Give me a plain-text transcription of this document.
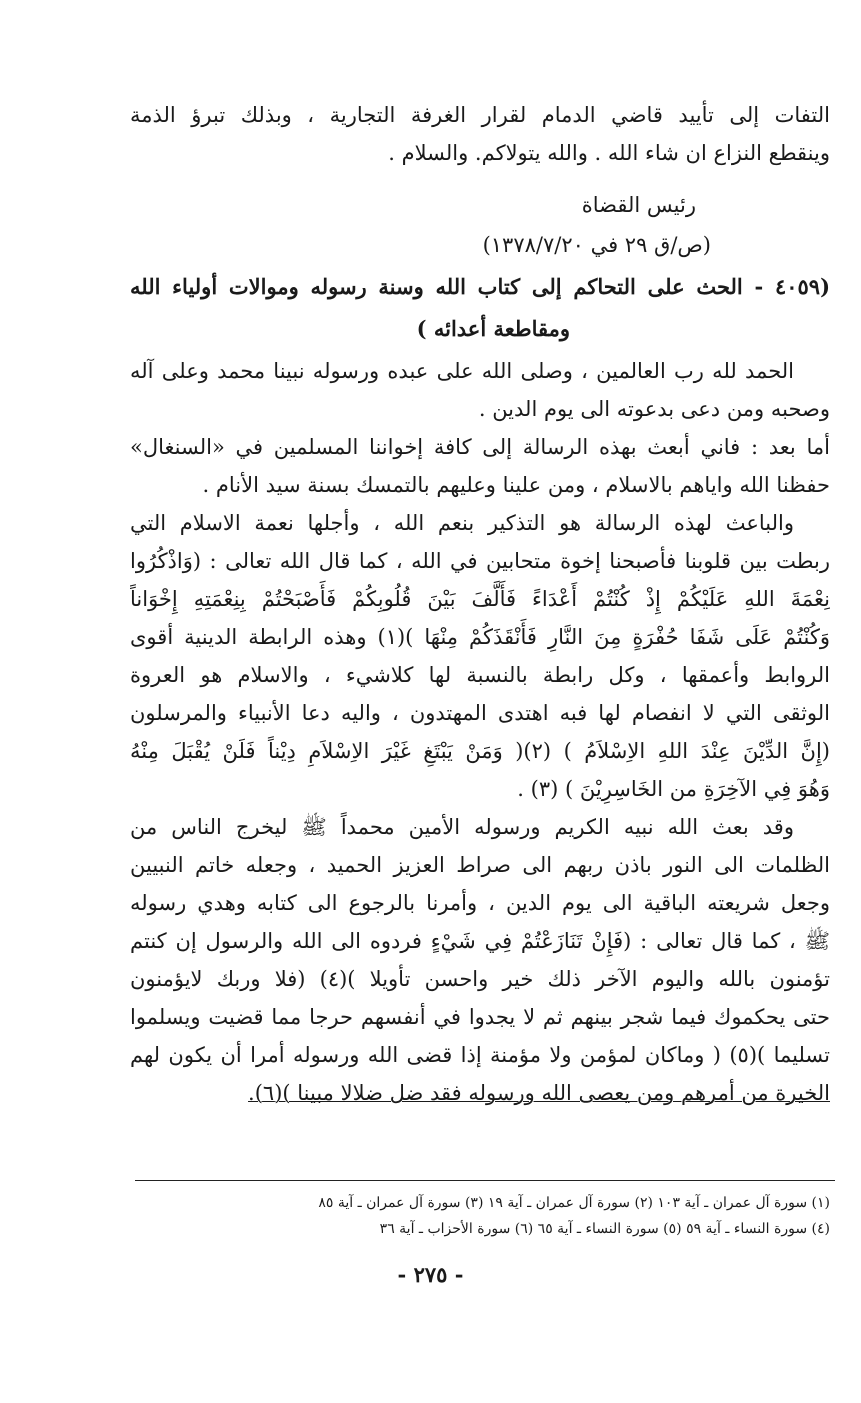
التفات إلى تأييد قاضي الدمام لقرار الغرفة التجارية ، وبذلك تبرؤ الذمة
وينقطع النزاع ان شاء الله . والله يتولاكم. والسلام .
رئيس القضاة
(ص/ق ٢٩ في ١٣٧٨/٧/٢٠)
(٤٠٥٩ - الحث على التحاكم إلى كتاب الله وسنة رسوله وموالات أولياء الله
ومقاطعة أعدائه )
الحمد لله رب العالمين ، وصلى الله على عبده ورسوله نبينا محمد وعلى آله
وصحبه ومن دعى بدعوته الى يوم الدين .
أما بعد : فاني أبعث بهذه الرسالة إلى كافة إخواننا المسلمين في «السنغال»
حفظنا الله واياهم بالاسلام ، ومن علينا وعليهم بالتمسك بسنة سيد الأنام .
والباعث لهذه الرسالة هو التذكير بنعم الله ، وأجلها نعمة الاسلام التي
ربطت بين قلوبنا فأصبحنا إخوة متحابين في الله ، كما قال الله تعالى : (وَاذْكُرُوا
نِعْمَةَ اللهِ عَلَيْكُمْ إِذْ كُنْتُمْ أَعْدَاءً فَأَلَّفَ بَيْنَ قُلُوبِكُمْ فَأَصْبَحْتُمْ بِنِعْمَتِهِ إِخْوَاناً
وَكُنْتُمْ عَلَى شَفَا حُفْرَةٍ مِنَ النَّارِ فَأَنْقَذَكُمْ مِنْهَا )(١) وهذه الرابطة الدينية أقوى
الروابط وأعمقها ، وكل رابطة بالنسبة لها كلاشيء ، والاسلام هو العروة
الوثقى التي لا انفصام لها فبه اهتدى المهتدون ، واليه دعا الأنبياء والمرسلون
(إِنَّ الدِّيْنَ عِنْدَ اللهِ الاِسْلاَمُ ) (٢)( وَمَنْ يَبْتَغِ غَيْرَ الاِسْلاَمِ دِيْناً فَلَنْ يُقْبَلَ مِنْهُ
وَهُوَ فِي الآخِرَةِ من الخَاسِرِيْنَ ) (٣) .
وقد بعث الله نبيه الكريم ورسوله الأمين محمداً ﷺ ليخرج الناس من
الظلمات الى النور باذن ربهم الى صراط العزيز الحميد ، وجعله خاتم النبيين
وجعل شريعته الباقية الى يوم الدين ، وأمرنا بالرجوع الى كتابه وهدي رسوله
ﷺ ، كما قال تعالى : (فَإِنْ تَنَازَعْتُمْ فِي شَيْءٍ فردوه الى الله والرسول إن كنتم
تؤمنون بالله واليوم الآخر ذلك خير واحسن تأويلا )(٤) (فلا وربك لايؤمنون
حتى يحكموك فيما شجر بينهم ثم لا يجدوا في أنفسهم حرجا مما قضيت ويسلموا
تسليما )(٥) ( وماكان لمؤمن ولا مؤمنة إذا قضى الله ورسوله أمرا أن يكون لهم
الخيرة من أمرهم ومن يعصى الله ورسوله فقد ضل ضلالا مبينا )(٦).
(١) سورة آل عمران ـ آية ١٠٣ (٢) سورة آل عمران ـ آية ١٩ (٣) سورة آل عمران ـ آية ٨٥
(٤) سورة النساء ـ آية ٥٩ (٥) سورة النساء ـ آية ٦٥ (٦) سورة الأحزاب ـ آية ٣٦
- ٢٧٥ -
